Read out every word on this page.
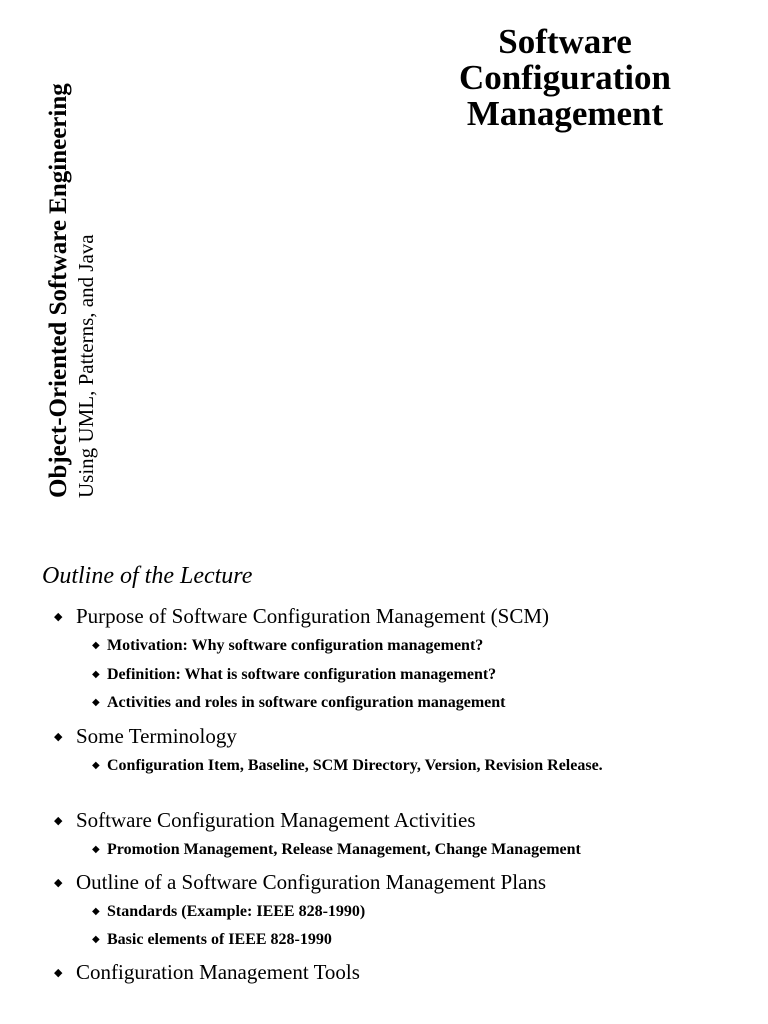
Object-Oriented Software Engineering Using UML, Patterns, and Java
Software
Configuration
Management
Outline of the Lecture
◆ Purpose of Software Configuration Management (SCM)
◆ Motivation: Why software configuration management?
◆ Definition: What is software configuration management?
◆ Activities and roles in software configuration management
◆ Some Terminology
◆ Configuration Item, Baseline, SCM Directory, Version, Revision Release.
◆ Software Configuration Management Activities
◆ Promotion Management, Release Management, Change Management
◆ Outline of a Software Configuration Management Plans
◆ Standards (Example: IEEE 828-1990)
◆ Basic elements of IEEE 828-1990
◆ Configuration Management Tools
